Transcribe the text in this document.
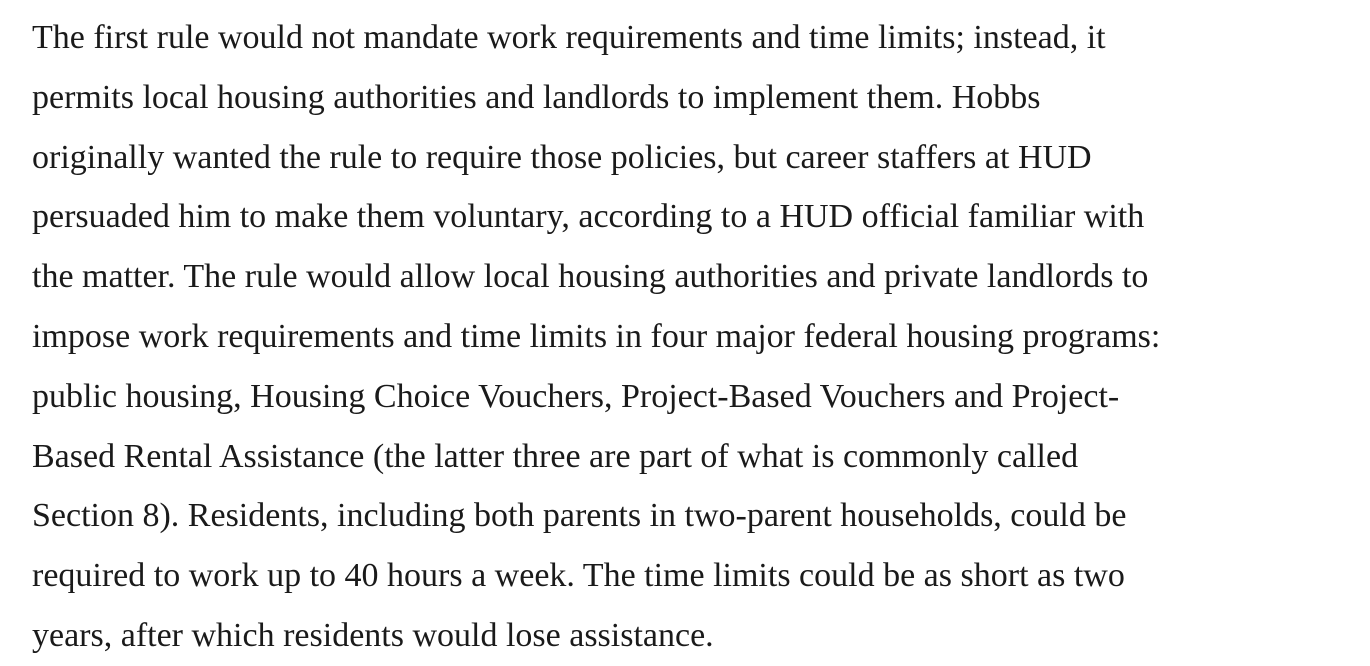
The first rule would not mandate work requirements and time limits; instead, it
permits local housing authorities and landlords to implement them. Hobbs
originally wanted the rule to require those policies, but career staffers at HUD
persuaded him to make them voluntary, according to a HUD official familiar with
the matter. The rule would allow local housing authorities and private landlords to
impose work requirements and time limits in four major federal housing programs:
public housing, Housing Choice Vouchers, Project-Based Vouchers and Project-
Based Rental Assistance (the latter three are part of what is commonly called
Section 8). Residents, including both parents in two-parent households, could be
required to work up to 40 hours a week. The time limits could be as short as two
years, after which residents would lose assistance.
